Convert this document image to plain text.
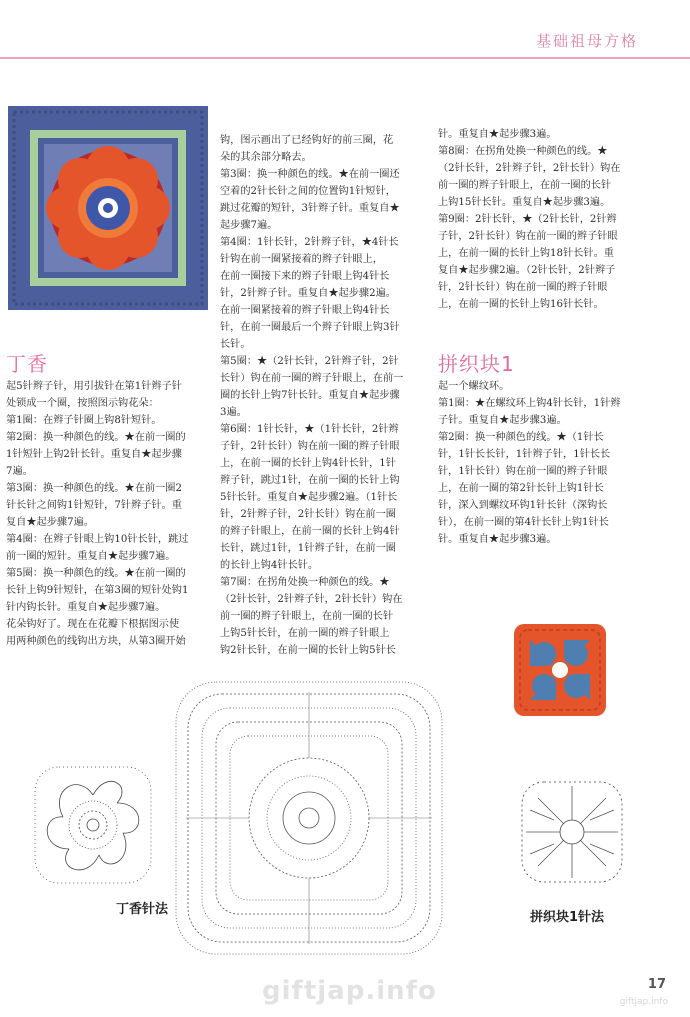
基础祖母方格
丁香
起5针辫子针，用引拔针在第1针辫子针
处锁成一个圈，按照图示钩花朵：
第1圈：在辫子针圈上钩8针短针。
第2圈：换一种颜色的线。★在前一圈的
1针短针上钩2针长针。重复自★起步骤
7遍。
第3圈：换一种颜色的线。★在前一圈2
针长针之间钩1针短针，7针辫子针。重
复自★起步骤7遍。
第4圈：在辫子针眼上钩10针长针，跳过
前一圈的短针。重复自★起步骤7遍。
第5圈：换一种颜色的线。★在前一圈的
长针上钩9针短针，在第3圈的短针处钩1
针内钩长针。重复自★起步骤7遍。
花朵钩好了。现在在花瓣下根据图示使
用两种颜色的线钩出方块，从第3圈开始
钩，图示画出了已经钩好的前三圈，花
朵的其余部分略去。
第3圈：换一种颜色的线。★在前一圈还
空着的2针长针之间的位置钩1针短针，
跳过花瓣的短针，3针辫子针。重复自★
起步骤7遍。
第4圈：1针长针，2针辫子针，★4针长
针钩在前一圈紧接着的辫子针眼上，
在前一圈接下来的辫子针眼上钩4针长
针，2针辫子针。重复自★起步骤2遍。
在前一圈紧接着的辫子针眼上钩4针长
针，在前一圈最后一个辫子针眼上钩3针
长针。
第5圈：★（2针长针，2针辫子针，2针
长针）钩在前一圈的辫子针眼上，在前一
圈的长针上钩7针长针。重复自★起步骤
3遍。
第6圈：1针长针，★（1针长针，2针辫
子针，2针长针）钩在前一圈的辫子针眼
上，在前一圈的长针上钩4针长针，1针
辫子针，跳过1针，在前一圈的长针上钩
5针长针。重复自★起步骤2遍。（1针长
针，2针辫子针，2针长针）钩在前一圈
的辫子针眼上，在前一圈的长针上钩4针
长针，跳过1针，1针辫子针，在前一圈
的长针上钩4针长针。
第7圈：在拐角处换一种颜色的线。★
（2针长针，2针辫子针，2针长针）钩在
前一圈的辫子针眼上，在前一圈的长针
上钩5针长针，在前一圈的辫子针眼上
钩2针长针，在前一圈的长针上钩5针长
针。重复自★起步骤3遍。
第8圈：在拐角处换一种颜色的线。★
（2针长针，2针辫子针，2针长针）钩在
前一圈的辫子针眼上，在前一圈的长针
上钩15针长针。重复自★起步骤3遍。
第9圈：2针长针，★（2针长针，2针辫
子针，2针长针）钩在前一圈的辫子针眼
上，在前一圈的长针上钩18针长针。重
复自★起步骤2遍。（2针长针，2针辫子
针，2针长针）钩在前一圈的辫子针眼
上，在前一圈的长针上钩16针长针。
拼织块1
起一个螺纹环。
第1圈：★在螺纹环上钩4针长针，1针辫
子针。重复自★起步骤3遍。
第2圈：换一种颜色的线。★（1针长
针，1针长长针，1针辫子针，1针长长
针，1针长针）钩在前一圈的辫子针眼
上，在前一圈的第2针长针上钩1针长
针，深入到螺纹环钩1针长针（深钩长
针），在前一圈的第4针长针上钩1针长
针。重复自★起步骤3遍。
丁香针法
拼织块1针法
giftjap.info	17
giftjap.info
